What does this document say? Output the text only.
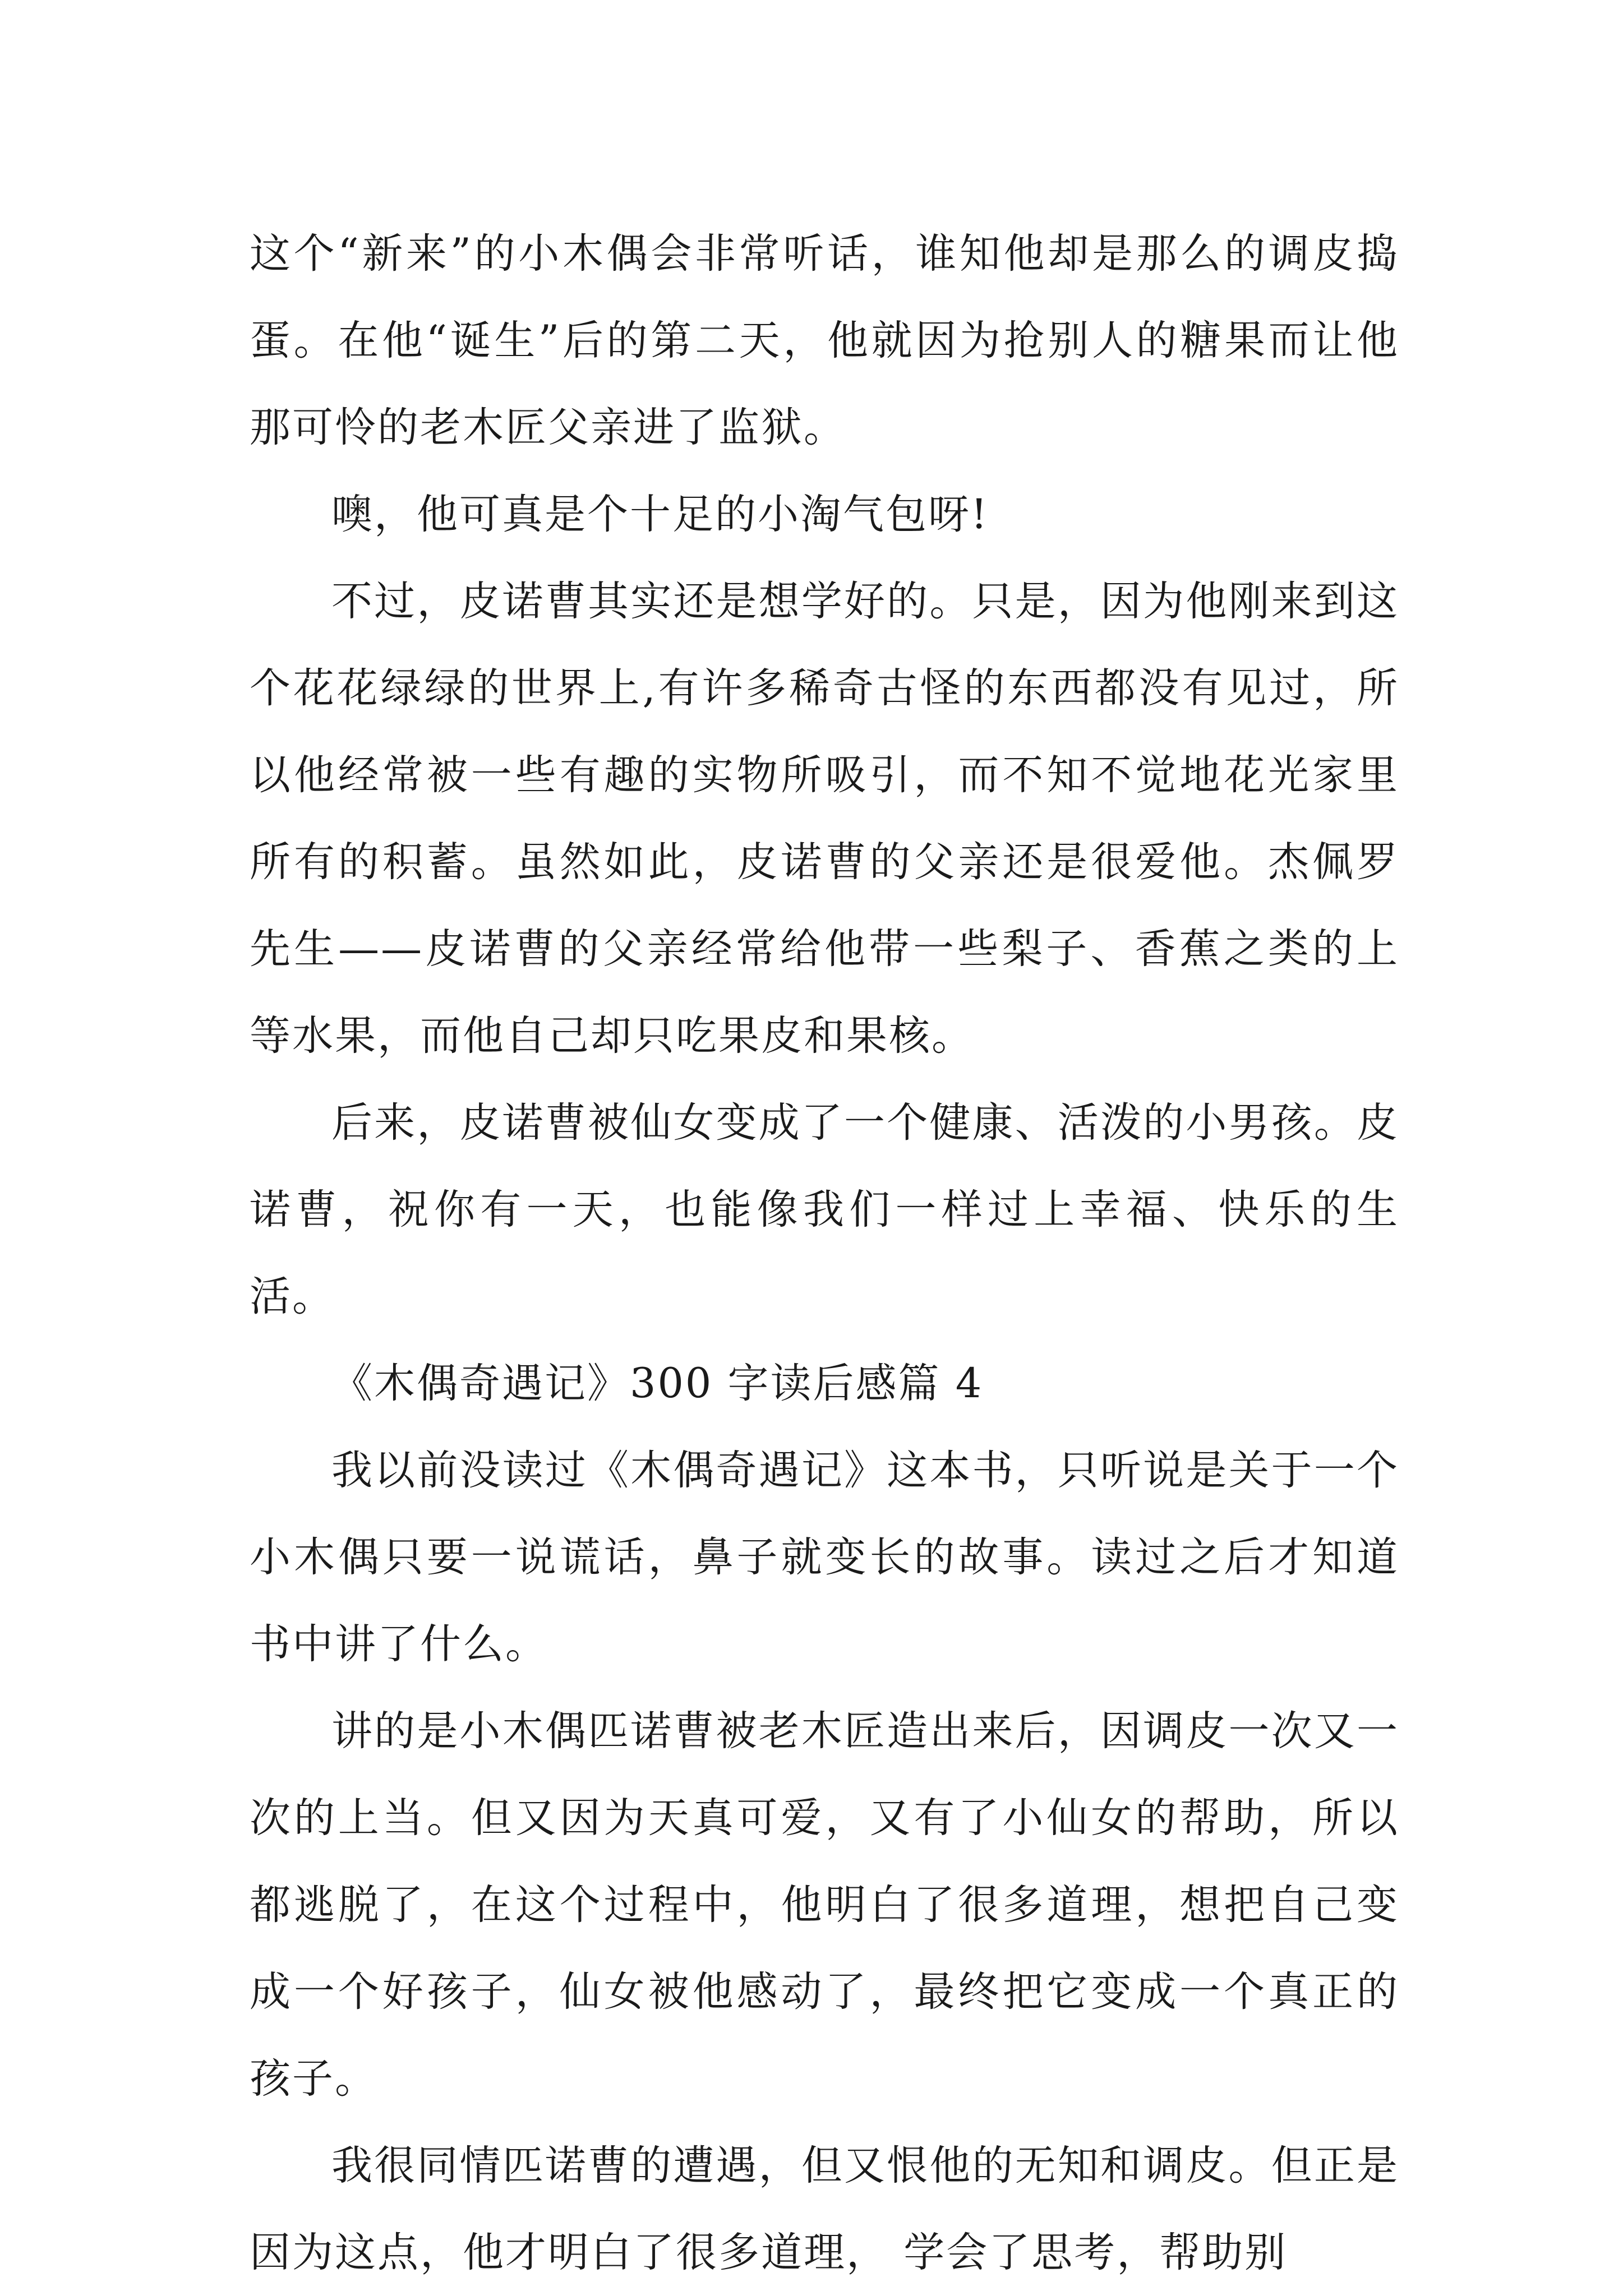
这个“新来”的小木偶会非常听话，谁知他却是那么的调皮捣蛋。在他“诞生”后的第二天，他就因为抢别人的糖果而让他那可怜的老木匠父亲进了监狱。

噢，他可真是个十足的小淘气包呀!

不过，皮诺曹其实还是想学好的。只是，因为他刚来到这个花花绿绿的世界上,有许多稀奇古怪的东西都没有见过，所以他经常被一些有趣的实物所吸引，而不知不觉地花光家里所有的积蓄。虽然如此，皮诺曹的父亲还是很爱他。杰佩罗先生——皮诺曹的父亲经常给他带一些梨子、香蕉之类的上等水果，而他自己却只吃果皮和果核。

后来，皮诺曹被仙女变成了一个健康、活泼的小男孩。皮诺曹，祝你有一天，也能像我们一样过上幸福、快乐的生活。

《木偶奇遇记》300 字读后感篇 4

我以前没读过《木偶奇遇记》这本书，只听说是关于一个小木偶只要一说谎话，鼻子就变长的故事。读过之后才知道书中讲了什么。

讲的是小木偶匹诺曹被老木匠造出来后，因调皮一次又一次的上当。但又因为天真可爱，又有了小仙女的帮助，所以都逃脱了，在这个过程中，他明白了很多道理，想把自己变成一个好孩子，仙女被他感动了，最终把它变成一个真正的孩子。

我很同情匹诺曹的遭遇，但又恨他的无知和调皮。但正是因为这点，他才明白了很多道理， 学会了思考，帮助别
